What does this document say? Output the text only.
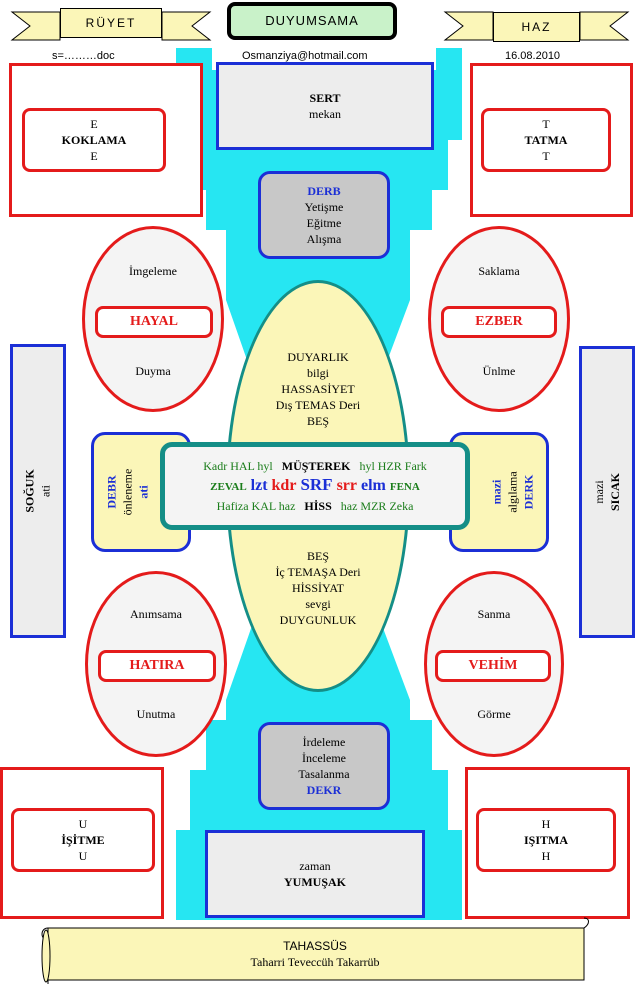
RÜYET	DUYUMSAMA	HAZ
s=………doc	Osmanziya@hotmail.com	16.08.2010
SERT
mekan
DERB
Yetişme
Eğitme
Alışma
E
KOKLAMA
E
T
TATMA
T
U
İŞİTME
U
H
IŞITMA
H
SOĞUK ati	mazi SICAK
İmgeleme
HAYAL
Duyma
Saklama
EZBER
Ünlme
Anımsama
HATIRA
Unutma
Sanma
VEHİM
Görme
DUYARLIK
bilgi
HASSASİYET
Dış TEMAS Deri
BEŞ
BEŞ
İç TEMAŞA Deri
HİSSİYAT
sevgi
DUYGUNLUK
DEBR önleneme ati	mazi algılama DERK
Kadr HAL hyl MÜŞTEREK hyl HZR Fark
ZEVAL lzt kdr SRF srr elm FENA
Hafiza KAL haz HİSS haz MZR Zeka
İrdeleme
İnceleme
Tasalanma
DEKR
zaman
YUMUŞAK
TAHASSÜS
Taharri Teveccüh Takarrüb
